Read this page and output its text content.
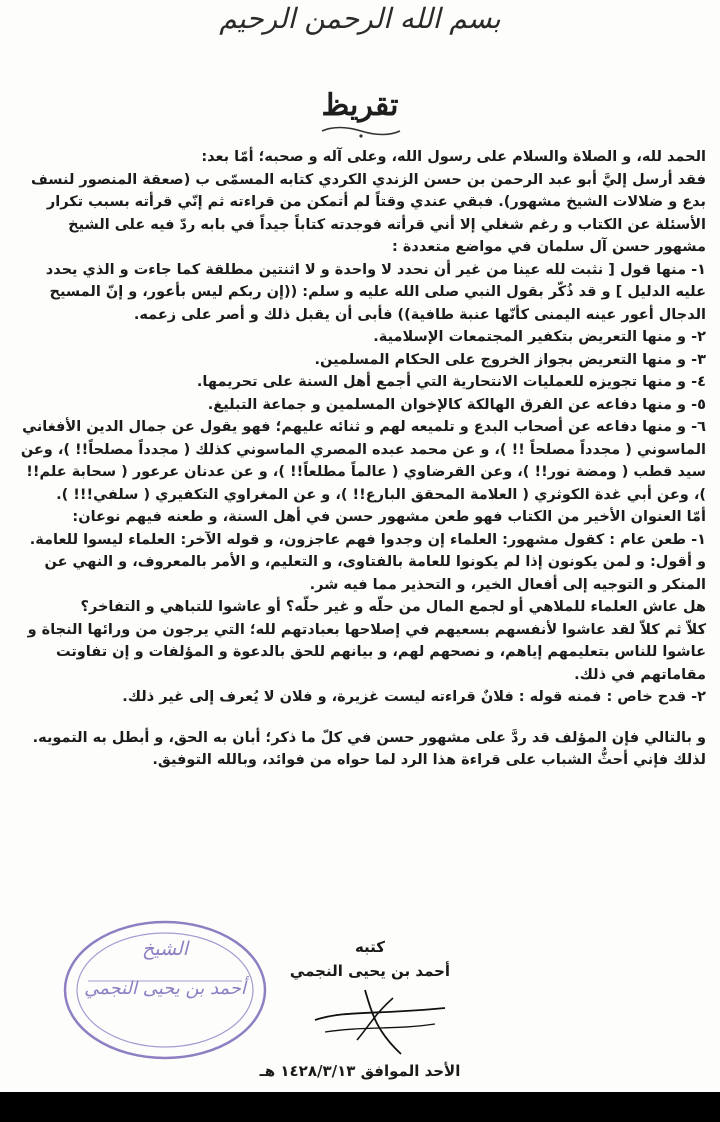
بسم الله الرحمن الرحيم
تقريظ

الحمد لله، و الصلاة والسلام على رسول الله، وعلى آله و صحبه؛ أمّا بعد:

فقد أرسل إليَّ أبو عبد الرحمن بن حسن الزندي الكردي كتابه المسمّى ب (صعقة المنصور لنسف بدع و ضلالات الشيخ مشهور). فبقي عندي وقتاً لم أتمكن من قراءته ثم إنّي قرأته بسبب تكرار الأسئلة عن الكتاب و رغم شغلي إلا أني قرأته فوجدته كتاباً جيداً في بابه ردّ فيه على الشيخ مشهور حسن آل سلمان في مواضع متعددة :

١- منها قول [ نثبت لله عينا من غير أن نحدد لا واحدة و لا اثنتين مطلقة كما جاءت و الذي يحدد عليه الدليل ] و قد ذُكّر بقول النبي صلى الله عليه و سلم: ((إن ربكم ليس بأعور، و إنّ المسيح الدجال أعور عينه اليمنى كأنّها عنبة طافية)) فأبى أن يقبل ذلك و أصر على زعمه.

٢- و منها التعريض بتكفير المجتمعات الإسلامية.

٣- و منها التعريض بجواز الخروج على الحكام المسلمين.

٤- و منها تجويزه للعمليات الانتحارية التي أجمع أهل السنة على تحريمها.

٥- و منها دفاعه عن الفرق الهالكة كالإخوان المسلمين و جماعة التبليغ.

٦- و منها دفاعه عن أصحاب البدع و تلميعه لهم و ثنائه عليهم؛ فهو يقول عن جمال الدين الأفغاني الماسوني ( مجدداً مصلحاً !! )، و عن محمد عبده المصري الماسوني كذلك ( مجدداً مصلحاً!! )، وعن سيد قطب ( ومضة نور!! )، وعن القرضاوي ( عالماً مطلعاً!! )، و عن عدنان عرعور ( سحابة علم!! )، وعن أبي غدة الكوثري ( العلامة المحقق البارع!! )، و عن المغراوي التكفيري ( سلفي!!! ).

أمّا العنوان الأخير من الكتاب فهو طعن مشهور حسن في أهل السنة، و طعنه فيهم نوعان:

١- طعن عام : كقول مشهور: العلماء إن وجدوا فهم عاجزون، و قوله الآخر: العلماء ليسوا للعامة.

و أقول: و لمن يكونون إذا لم يكونوا للعامة بالفتاوى، و التعليم، و الأمر بالمعروف، و النهي عن المنكر و التوجيه إلى أفعال الخير، و التحذير مما فيه شر.

هل عاش العلماء للملاهي أو لجمع المال من حلّه و غير حلّه؟ أو عاشوا للتباهي و التفاخر؟

كلاّ ثم كلاّ لقد عاشوا لأنفسهم بسعيهم في إصلاحها بعبادتهم لله؛ التي يرجون من ورائها النجاة و عاشوا للناس بتعليمهم إياهم، و نصحهم لهم، و بيانهم للحق بالدعوة و المؤلفات و إن تفاوتت مقاماتهم في ذلك.

٢- قدح خاص : فمنه قوله : فلانٌ قراءته ليست غزيرة، و فلان لا يُعرف إلى غير ذلك.

و بالتالي فإن المؤلف قد ردَّ على مشهور حسن في كلّ ما ذكر؛ أبان به الحق، و أبطل به التمويه. لذلك فإني أحثُّ الشباب على قراءة هذا الرد لما حواه من فوائد، وبالله التوفيق.

الشيخ
أحمد بن يحيى النجمي
كتبه
أحمد بن يحيى النجمي
الأحد الموافق ١٤٢٨/٣/١٣ هـ
